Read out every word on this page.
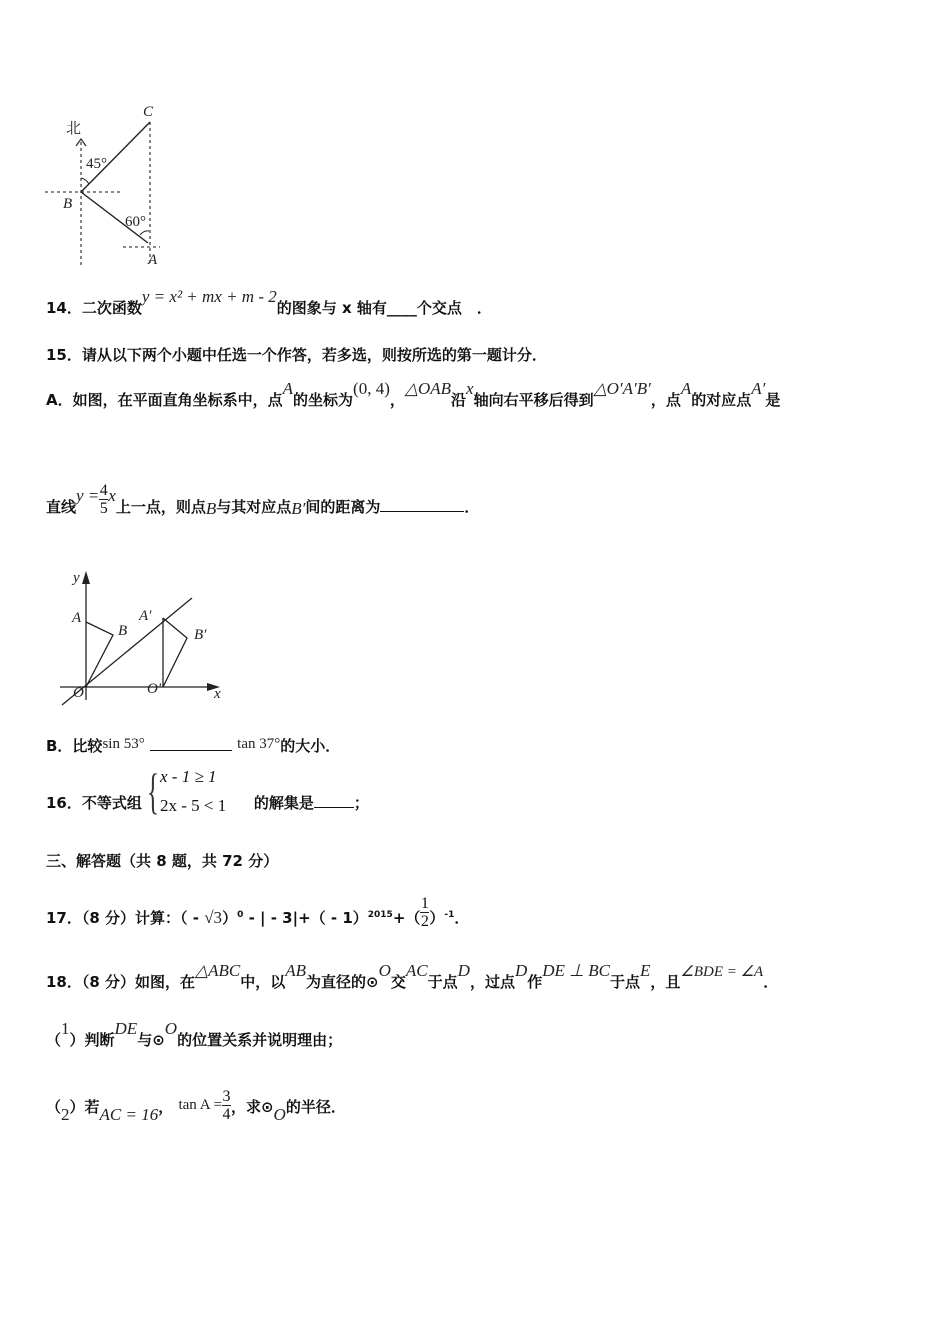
北
C
B
A
45°
60°
14．二次函数y = x² + mx + m - 2的图象与 x 轴有____个交点　．
15．请从以下两个小题中任选一个作答，若多选，则按所选的第一题计分．
A．如图，在平面直角坐标系中，点A的坐标为(0, 4)，△OAB沿x轴向右平移后得到△O′A′B′，点A的对应点A′是
直线$y = \frac{4}{5}$ x上一点，则点B与其对应点B′间的距离为	．
y
x
A
B
A′
B′
O	O′
B．比较sin 53°	tan 37°的大小．
16．不等式组	的解集是	；
{ x - 1 ≥ 1
2x - 5 < 1
三、解答题（共 8 题，共 72 分）
17．（8 分）计算：（ - √3）$^0$ - | - $3|+( - 1)^{2015}+( \frac{1}{2} )^{-1}$．
18．（8 分）如图，在△ABC中，以AB为直径的⊙O交AC于点D，过点D作DE ⊥ BC于点E，且∠BDE = ∠A．
（1）判断DE与⊙O的位置关系并说明理由；
（2）若AC = 16， $\tan A = \frac{3}{4}$ ，求⊙O的半径．
